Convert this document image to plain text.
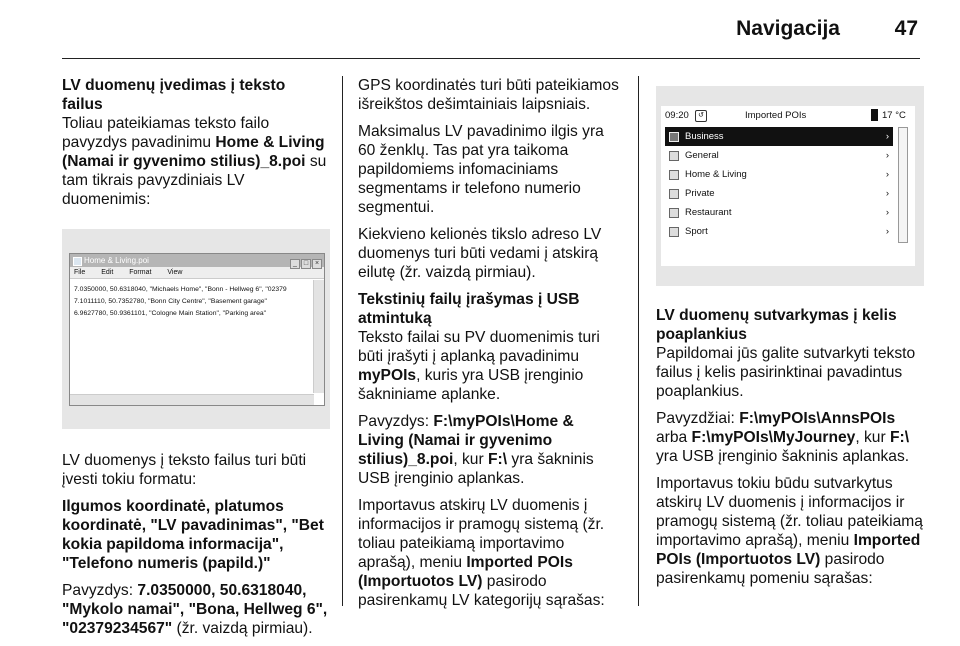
Navigacija	47
LV duomenų įvedimas į teksto failus

Toliau pateikiamas teksto failo pavyzdys pavadinimu Home & Living (Namai ir gyvenimo stilius)_8.poi su tam tikrais pavyzdiniais LV duomenimis:

Home & Living.poi	_ □ ×
File Edit Format View
7.0350000, 50.6318040, "Michaels Home", "Bonn - Hellweg 6", "02379
7.1011110, 50.7352780, "Bonn City Centre", "Basement garage"
6.9627780, 50.9361101, "Cologne Main Station", "Parking area"

LV duomenys į teksto failus turi būti įvesti tokiu formatu:

Ilgumos koordinatė, platumos koordinatė, "LV pavadinimas", "Bet kokia papildoma informacija", "Telefono numeris (papild.)"

Pavyzdys: 7.0350000, 50.6318040, "Mykolo namai", "Bona, Hellweg 6", "02379234567" (žr. vaizdą pirmiau).

GPS koordinatės turi būti pateikiamos išreikštos dešimtainiais laipsniais.

Maksimalus LV pavadinimo ilgis yra 60 ženklų. Tas pat yra taikoma papildomiems infomaciniams segmentams ir telefono numerio segmentui.

Kiekvieno kelionės tikslo adreso LV duomenys turi būti vedami į atskirą eilutę (žr. vaizdą pirmiau).

Tekstinių failų įrašymas į USB atmintuką

Teksto failai su PV duomenimis turi būti įrašyti į aplanką pavadinimu myPOIs, kuris yra USB įrenginio šakniniame aplanke.

Pavyzdys: F:\myPOIs\Home & Living (Namai ir gyvenimo stilius)_8.poi, kur F:\ yra šakninis USB įrenginio aplankas.

Importavus atskirų LV duomenis į informacijos ir pramogų sistemą (žr. toliau pateikiamą importavimo aprašą), meniu Imported POIs (Importuotos LV) pasirodo pasirenkamų LV kategorijų sąrašas:

09:20	↺	Imported POIs	17 °C
Business	›
General	›
Home & Living	›
Private	›
Restaurant	›
Sport	›
LV duomenų sutvarkymas į kelis poaplankius

Papildomai jūs galite sutvarkyti teksto failus į kelis pasirinktinai pavadintus poaplankius.

Pavyzdžiai: F:\myPOIs\AnnsPOIs arba F:\myPOIs\MyJourney, kur F:\ yra USB įrenginio šakninis aplankas.

Importavus tokiu būdu sutvarkytus atskirų LV duomenis į informacijos ir pramogų sistemą (žr. toliau pateikiamą importavimo aprašą), meniu Imported POIs (Importuotos LV) pasirodo pasirenkamų pomeniu sąrašas:
